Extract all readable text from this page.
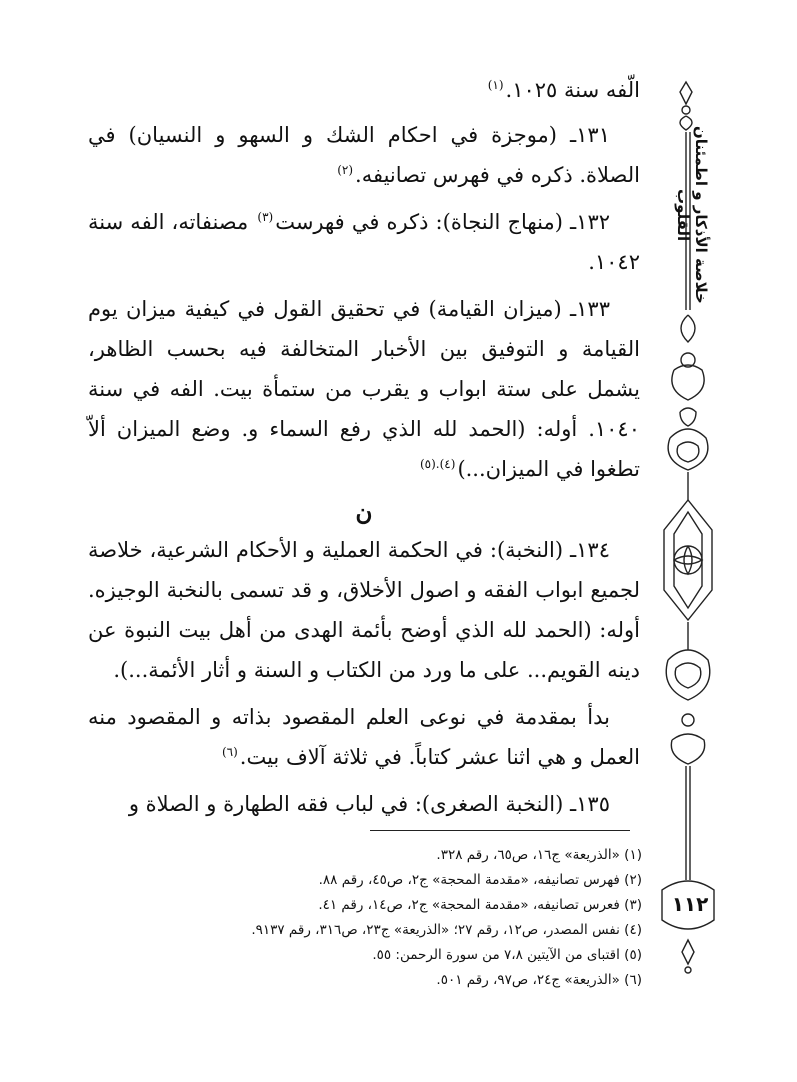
خلاصة الأذكار و اطمئنان القلوب
١١٢

الّفه سنة ١٠٢٥.$^{(١)}$

١٣١ـ (موجزة في احكام الشك و السهو و النسيان) في الصلاة. ذكره في فهرس تصانيفه.$^{(٢)}$

١٣٢ـ (منهاج النجاة): ذكره في فهرست$^{(٣)}$ مصنفاته، الفه سنة ١٠٤٢.

١٣٣ـ (ميزان القيامة) في تحقيق القول في كيفية ميزان يوم القيامة و التوفيق بين الأخبار المتخالفة فيه بحسب الظاهر، يشمل على ستة ابواب و يقرب من ستمأة بيت. الفه في سنة ١٠٤٠. أوله: (الحمد لله الذي رفع السماء و. وضع الميزان ألاّ تطغوا في الميزان...)$^{(٤).(٥)}$

ن

١٣٤ـ (النخبة): في الحكمة العملية و الأحكام الشرعية، خلاصة لجميع ابواب الفقه و اصول الأخلاق، و قد تسمى بالنخبة الوجيزه. أوله: (الحمد لله الذي أوضح بأئمة الهدى من أهل بيت النبوة عن دينه القويم... على ما ورد من الكتاب و السنة و أثار الأئمة...).

بدأ بمقدمة في نوعى العلم المقصود بذاته و المقصود منه العمل و هي اثنا عشر كتاباً. في ثلاثة آلاف بيت.$^{(٦)}$

١٣٥ـ (النخبة الصغرى): في لباب فقه الطهارة و الصلاة و

(١) «الذريعة» ج١٦، ص٦٥، رقم ٣٢٨.
(٢) فهرس تصانيفه، «مقدمة المحجة» ج٢، ص٤٥، رقم ٨٨.
(٣) فعرس تصانيفه، «مقدمة المحجة» ج٢، ص١٤، رقم ٤١.
(٤) نفس المصدر، ص١٢، رقم ٢٧؛ «الذريعة» ج٢٣، ص٣١٦، رقم ٩١٣٧.
(٥) اقتباى من الآيتين ٧،٨ من سورة الرحمن: ٥٥.
(٦) «الذريعة» ج٢٤، ص٩٧، رقم ٥٠١.
